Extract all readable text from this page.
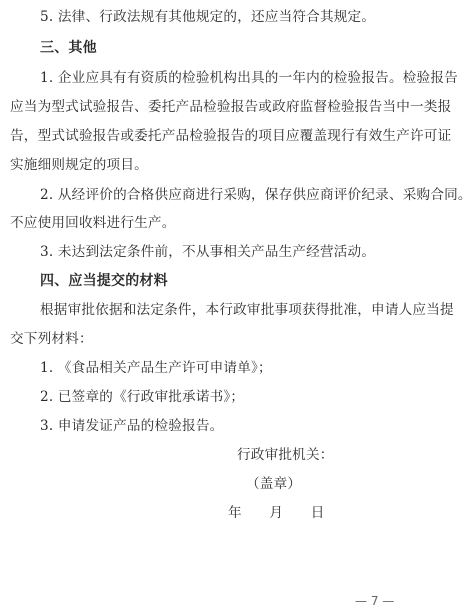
5. 法律、行政法规有其他规定的，还应当符合其规定。
三、其他
1. 企业应具有有资质的检验机构出具的一年内的检验报告。检验报告
应当为型式试验报告、委托产品检验报告或政府监督检验报告当中一类报
告，型式试验报告或委托产品检验报告的项目应覆盖现行有效生产许可证
实施细则规定的项目。
2. 从经评价的合格供应商进行采购，保存供应商评价纪录、采购合同。
不应使用回收料进行生产。
3. 未达到法定条件前，不从事相关产品生产经营活动。
四、应当提交的材料
根据审批依据和法定条件，本行政审批事项获得批准，申请人应当提
交下列材料：
1. 《食品相关产品生产许可申请单》；
2. 已签章的《行政审批承诺书》；
3. 申请发证产品的检验报告。
行政审批机关：
（盖章）
年　　月　　日
— 7 —
